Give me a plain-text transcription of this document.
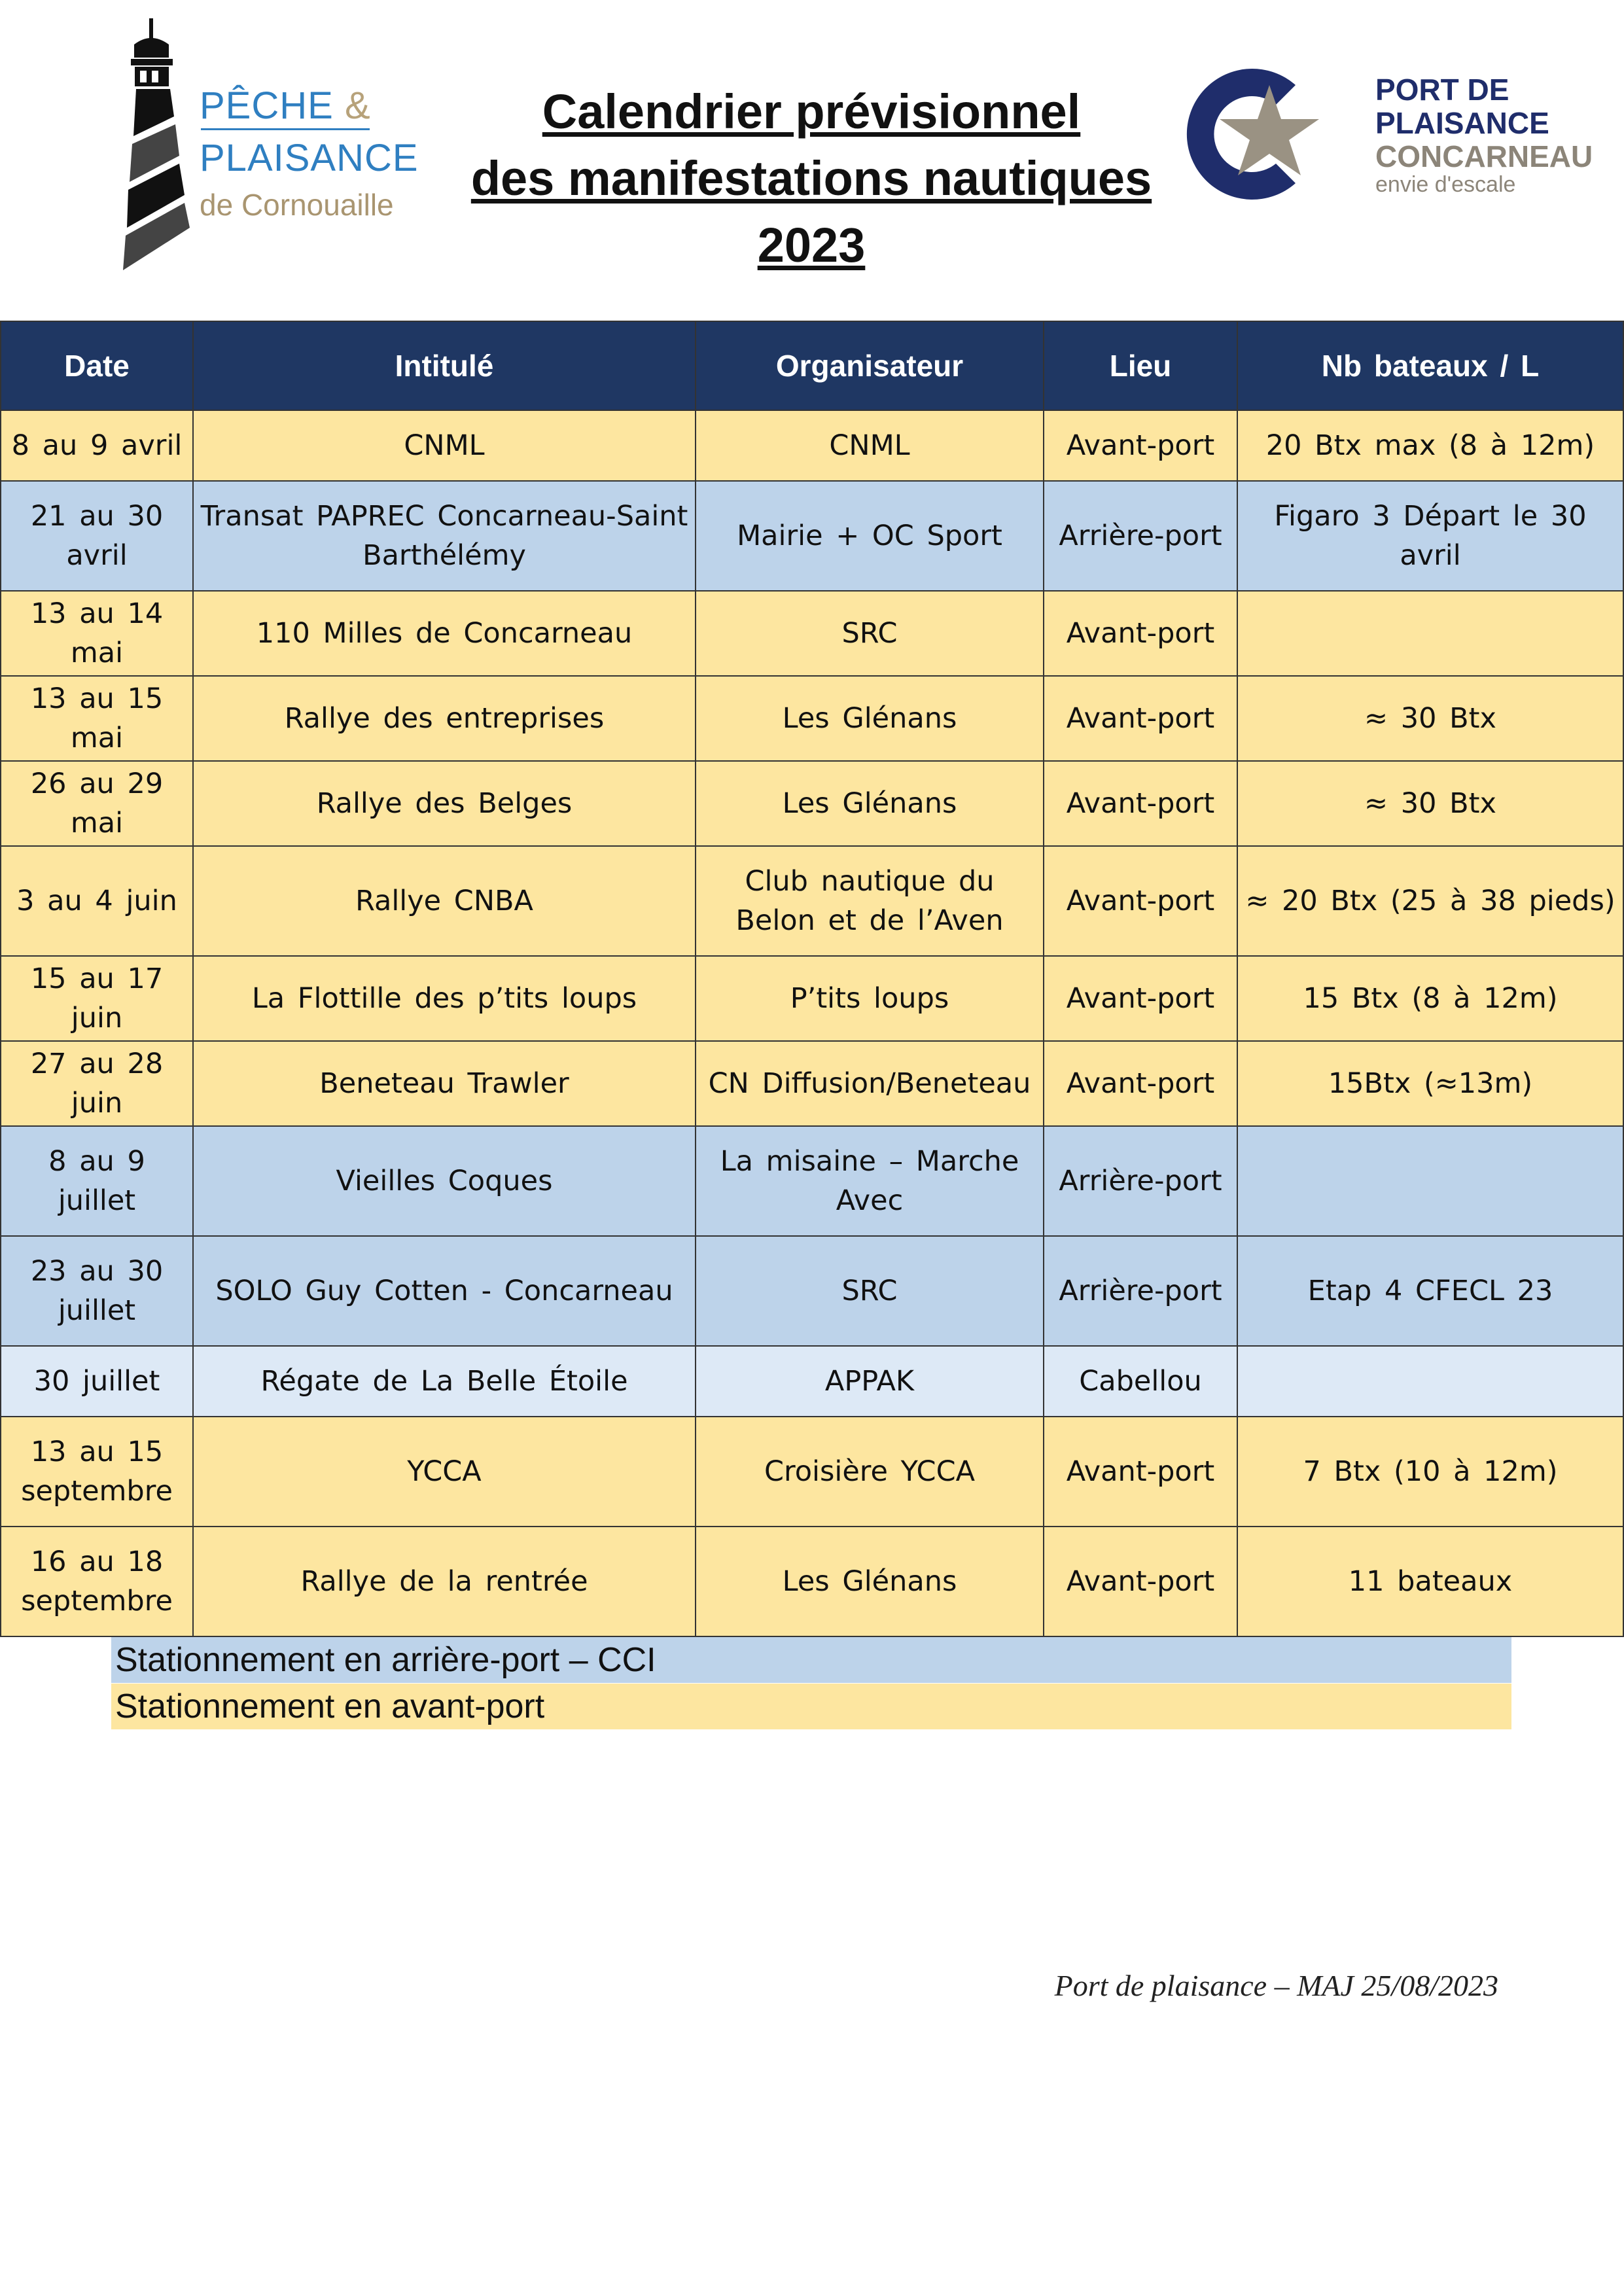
PÊCHE &
PLAISANCE
de Cornouaille
Calendrier prévisionnel
des manifestations nautiques
2023
PORT DE
PLAISANCE
CONCARNEAU
envie d'escale
Date	Intitulé	Organisateur	Lieu	Nb bateaux / L
8 au 9 avril	CNML	CNML	Avant-port	20 Btx max (8 à 12m)
21 au 30 avril	Transat PAPREC Concarneau-Saint Barthélémy	Mairie + OC Sport	Arrière-port	Figaro 3 Départ le 30 avril
13 au 14 mai	110 Milles de Concarneau	SRC	Avant-port	
13 au 15 mai	Rallye des entreprises	Les Glénans	Avant-port	≈ 30 Btx
26 au 29 mai	Rallye des Belges	Les Glénans	Avant-port	≈ 30 Btx
3 au 4 juin	Rallye CNBA	Club nautique du Belon et de l’Aven	Avant-port	≈ 20 Btx (25 à 38 pieds)
15 au 17 juin	La Flottille des p’tits loups	P’tits loups	Avant-port	15 Btx (8 à 12m)
27 au 28 juin	Beneteau Trawler	CN Diffusion/Beneteau	Avant-port	15Btx (≈13m)
8 au 9 juillet	Vieilles Coques	La misaine – Marche Avec	Arrière-port	
23 au 30 juillet	SOLO Guy Cotten - Concarneau	SRC	Arrière-port	Etap 4 CFECL 23
30 juillet	Régate de La Belle Étoile	APPAK	Cabellou	
13 au 15 septembre	YCCA	Croisière YCCA	Avant-port	7 Btx (10 à 12m)
16 au 18 septembre	Rallye de la rentrée	Les Glénans	Avant-port	11 bateaux
Stationnement en arrière-port – CCI
Stationnement en avant-port
Port de plaisance – MAJ 25/08/2023
